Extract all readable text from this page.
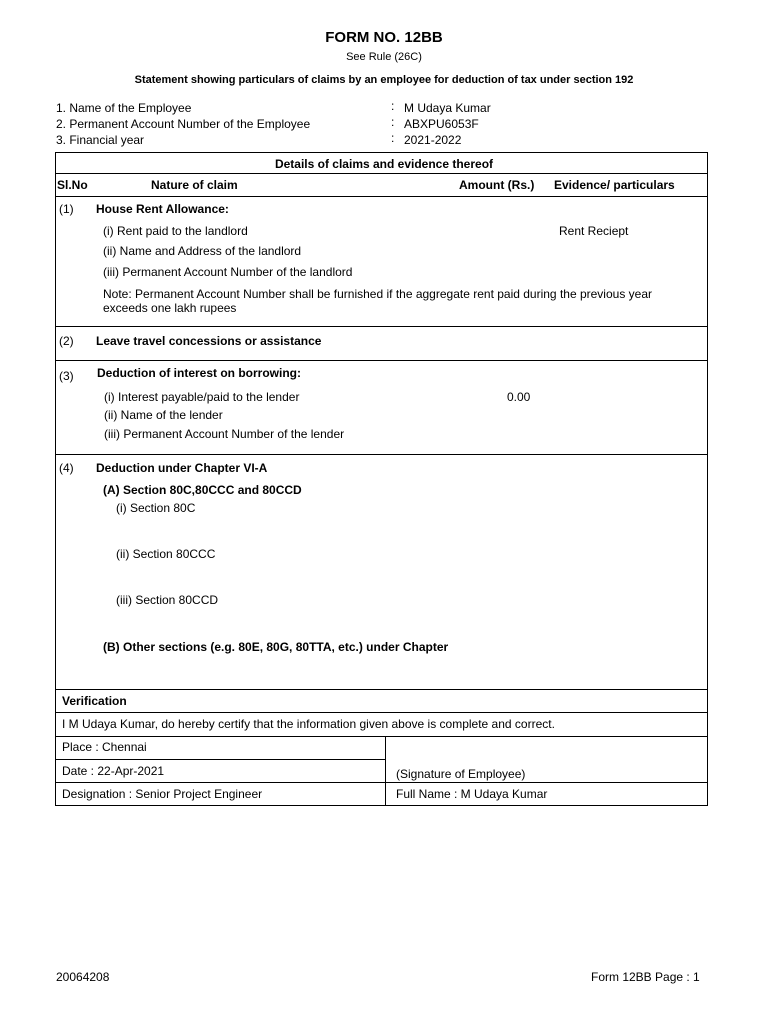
FORM NO. 12BB
See Rule (26C)
Statement showing particulars of claims by an employee for deduction of tax under section 192
1. Name of the Employee	: M Udaya Kumar
2. Permanent Account Number of the Employee	: ABXPU6053F
3. Financial year	: 2021-2022
Details of claims and evidence thereof
Sl.No	Nature of claim	Amount (Rs.) Evidence/ particulars
(1) House Rent Allowance:
(i) Rent paid to the landlord	Rent Reciept
(ii) Name and Address of the landlord
(iii) Permanent Account Number of the landlord
Note: Permanent Account Number shall be furnished if the aggregate rent paid during the previous year exceeds one lakh rupees
(2) Leave travel concessions or assistance
(3) Deduction of interest on borrowing:
(i) Interest payable/paid to the lender	0.00
(ii) Name of the lender
(iii) Permanent Account Number of the lender
(4) Deduction under Chapter VI-A
(A) Section 80C,80CCC and 80CCD
(i) Section 80C
(ii) Section 80CCC
(iii) Section 80CCD
(B) Other sections (e.g. 80E, 80G, 80TTA, etc.) under Chapter
Verification
I M Udaya Kumar, do hereby certify that the information given above is complete and correct.
Place : Chennai
Date : 22-Apr-2021	(Signature of Employee)
Designation : Senior Project Engineer	Full Name : M Udaya Kumar
20064208	Form 12BB Page : 1
